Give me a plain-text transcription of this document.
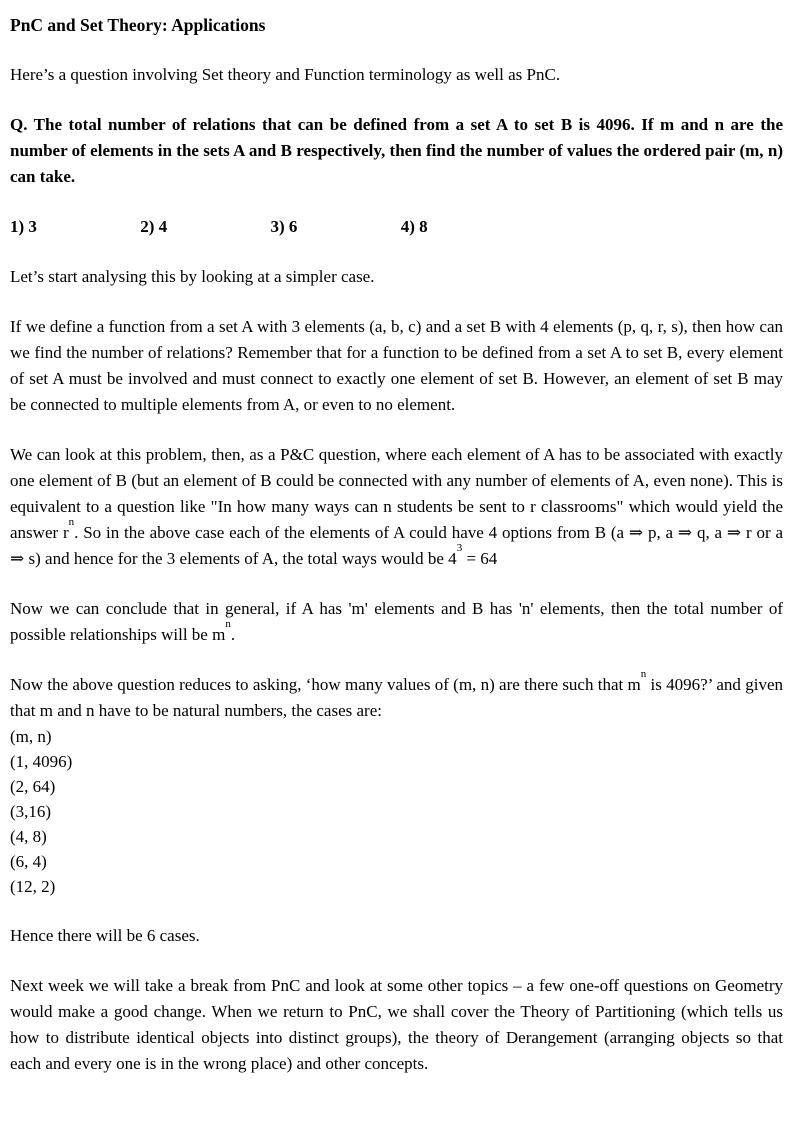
PnC and Set Theory: Applications

Here’s a question involving Set theory and Function terminology as well as PnC.

Q. The total number of relations that can be defined from a set A to set B is 4096. If m and n are the number of elements in the sets A and B respectively, then find the number of values the ordered pair (m, n) can take.

1) 3	2) 4	3) 6	4) 8

Let’s start analysing this by looking at a simpler case.

If we define a function from a set A with 3 elements (a, b, c) and a set B with 4 elements (p, q, r, s), then how can we find the number of relations? Remember that for a function to be defined from a set A to set B, every element of set A must be involved and must connect to exactly one element of set B. However, an element of set B may be connected to multiple elements from A, or even to no element.

We can look at this problem, then, as a P&C question, where each element of A has to be associated with exactly one element of B (but an element of B could be connected with any number of elements of A, even none). This is equivalent to a question like "In how many ways can n students be sent to r classrooms" which would yield the answer $r^n$. So in the above case each of the elements of A could have 4 options from B (a ⇒ p, a ⇒ q, a ⇒ r or a ⇒ s) and hence for the 3 elements of A, the total ways would be $4^3 = 64$

Now we can conclude that in general, if A has 'm' elements and B has 'n' elements, then the total number of possible relationships will be $m^n$.

Now the above question reduces to asking, ‘how many values of (m, n) are there such that $m^n$ is 4096?’ and given that m and n have to be natural numbers, the cases are:

(m, n)
(1, 4096)
(2, 64)
(3,16)
(4, 8)
(6, 4)
(12, 2)

Hence there will be 6 cases.

Next week we will take a break from PnC and look at some other topics – a few one-off questions on Geometry would make a good change. When we return to PnC, we shall cover the Theory of Partitioning (which tells us how to distribute identical objects into distinct groups), the theory of Derangement (arranging objects so that each and every one is in the wrong place) and other concepts.
